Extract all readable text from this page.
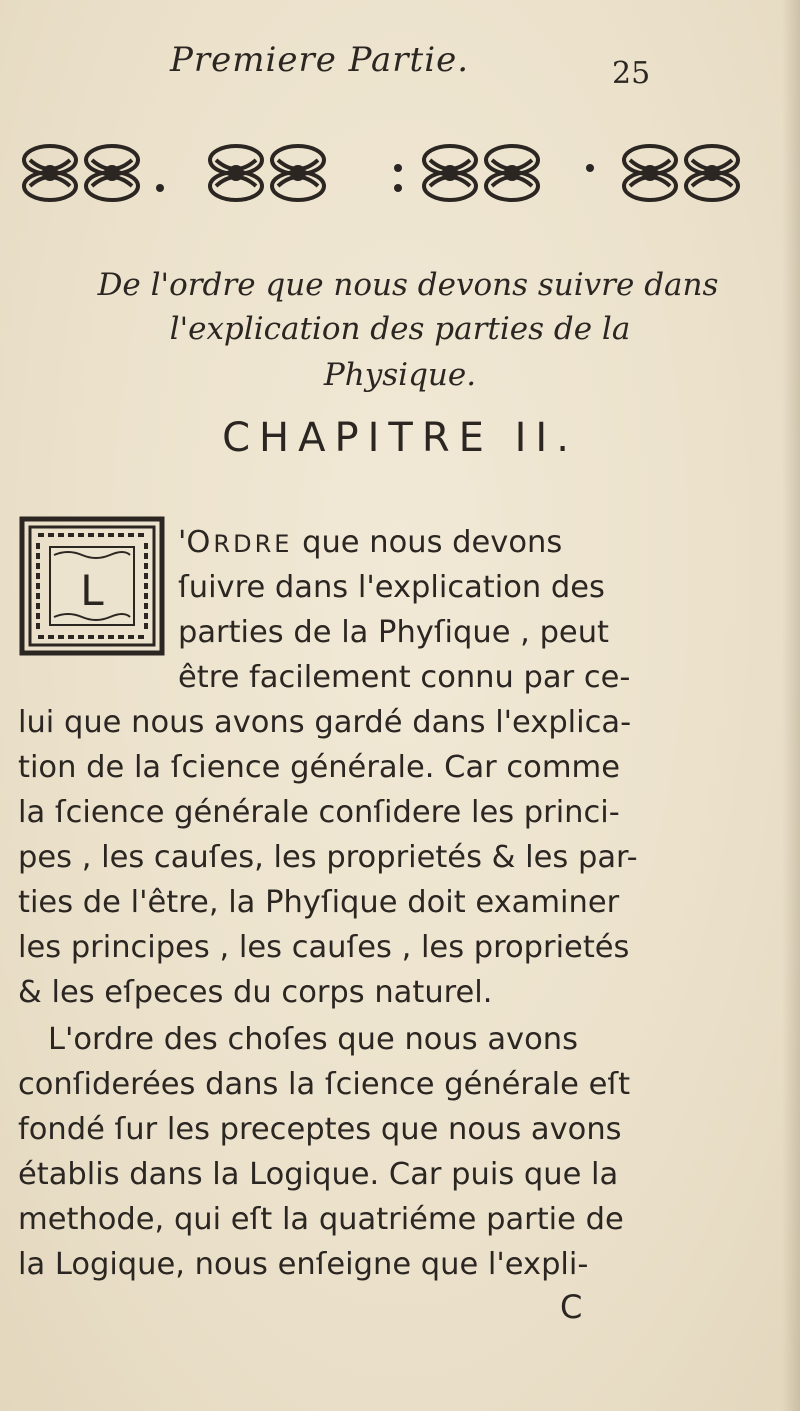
Premiere Partie.	25
De l'ordre que nous devons suivre dans
l'explication des parties de la
Physique.
CHAPITRE II.
L
'ORDRE que nous devons
ſuivre dans l'explication des
parties de la Phyſique , peut
être facilement connu par ce-
lui que nous avons gardé dans l'explica-
tion de la ſcience générale. Car comme
la ſcience générale conſidere les princi-
pes , les cauſes, les proprietés & les par-
ties de l'être, la Phyſique doit examiner
les principes , les cauſes , les proprietés
& les eſpeces du corps naturel.
L'ordre des choſes que nous avons
conſiderées dans la ſcience générale eſt
fondé ſur les preceptes que nous avons
établis dans la Logique. Car puis que la
methode, qui eſt la quatriéme partie de
la Logique, nous enſeigne que l'expli-
C
